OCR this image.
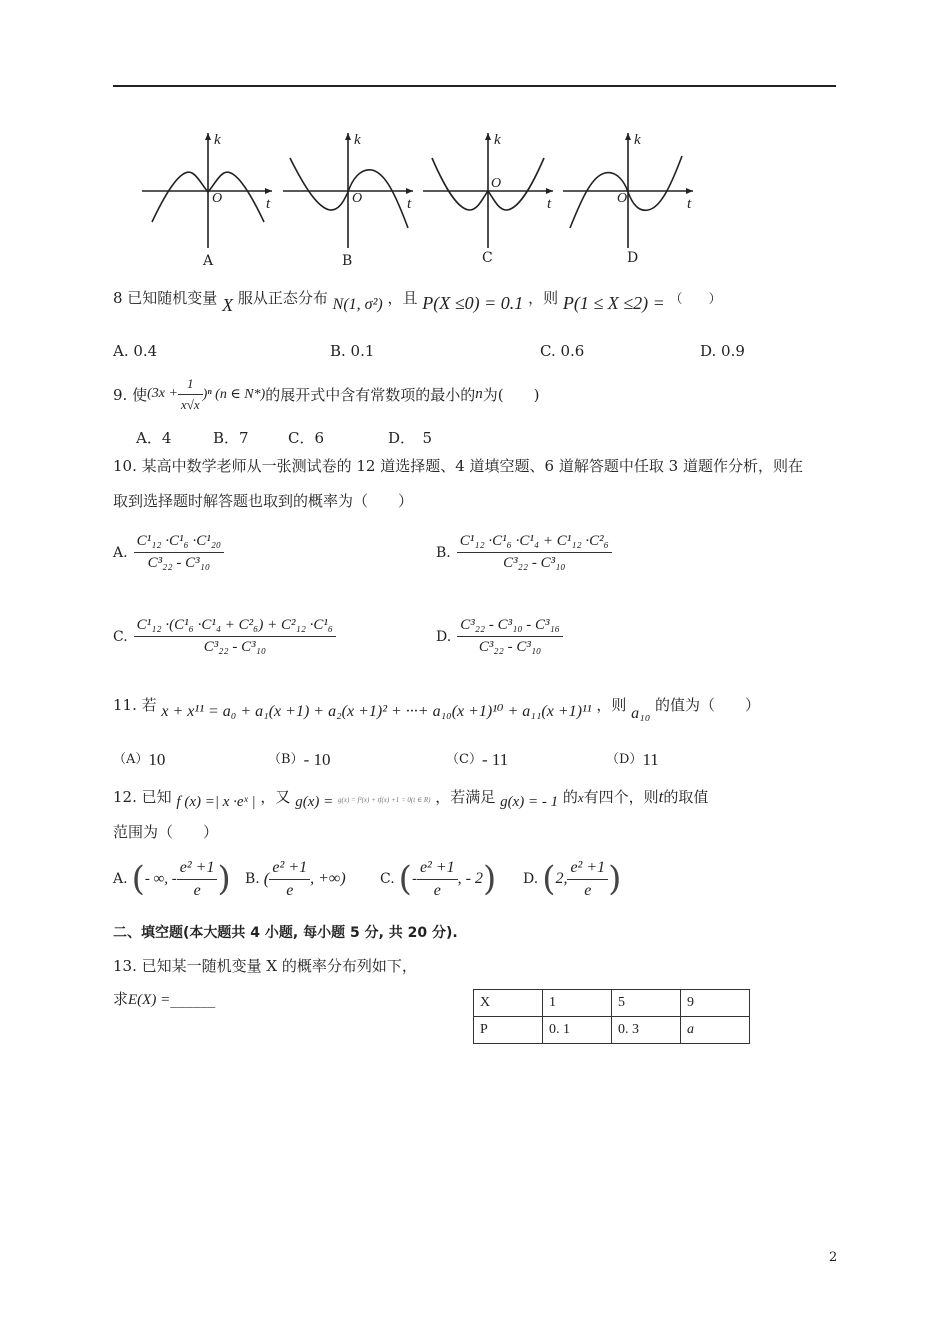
k
t
O
A
k
t
O
B
k
t
O
C
k
t
O
D
8 已知随机变量 X 服从正态分布 N(1, σ²) ，且 P(X ≤0) = 0.1 ，则 P(1 ≤ X ≤2) = （　　）
A. 0.4	B. 0.1	C. 0.6	D. 0.9
9. 使 $(3x + \frac{1}{x√x} )^n$ (n ∈ N*) 的展开式中含有常数项的最小的 n 为(　　)
A．4	B．7	C．6	D．　5
10. 某高中数学老师从一张测试卷的 12 道选择题、4 道填空题、6 道解答题中任取 3 道题作分析，则在
取到选择题时解答题也取到的概率为（　　）
A. $\frac{\text{C¹₁₂ ·C¹₆ ·C¹₂₀}}{\text{C³₂₂ - C³₁₀}}$	B. $\frac{\text{C¹₁₂ ·C¹₆ ·C¹₄ + C¹₁₂ ·C²₆}}{\text{C³₂₂ - C³₁₀}}$
C. $\frac{\text{C¹₁₂ ·(C¹₆ ·C¹₄ + C²₆) + C²₁₂ ·C¹₆}}{\text{C³₂₂ - C³₁₀}}$	D. $\frac{\text{C³₂₂ - C³₁₀ - C³₁₆}}{\text{C³₂₂ - C³₁₀}}$
11. 若 x + x¹¹ = a₀ + a₁(x +1) + a₂(x +1)² + ···+ a₁₀(x +1)¹⁰ + a₁₁(x +1)¹¹ ，则 a₁₀ 的值为（　　）
（A）10	（B）- 10	（C）- 11	（D）11
12. 已知 f (x) =| x ·eˣ | ，又 g(x) = g(x) = f²(x) + tf(x) +1 = 0(t ∈ R) ，若满足 g(x) = - 1 的x有四个，则t的取值
范围为（　　）
A. ( - ∞, - $\frac{\text{e² +1}}{e}$ ) B. ( $\frac{\text{e² +1}}{e}$ , +∞) C. ( - $\frac{\text{e² +1}}{e}$ , - 2 ) D. ( 2, $\frac{\text{e² +1}}{e}$ )
二、填空题(本大题共 4 小题, 每小题 5 分, 共 20 分).
13. 已知某一随机变量 X 的概率分布列如下，
求E(X) =______	X	1	5	9
P	0. 1	0. 3	a
2
